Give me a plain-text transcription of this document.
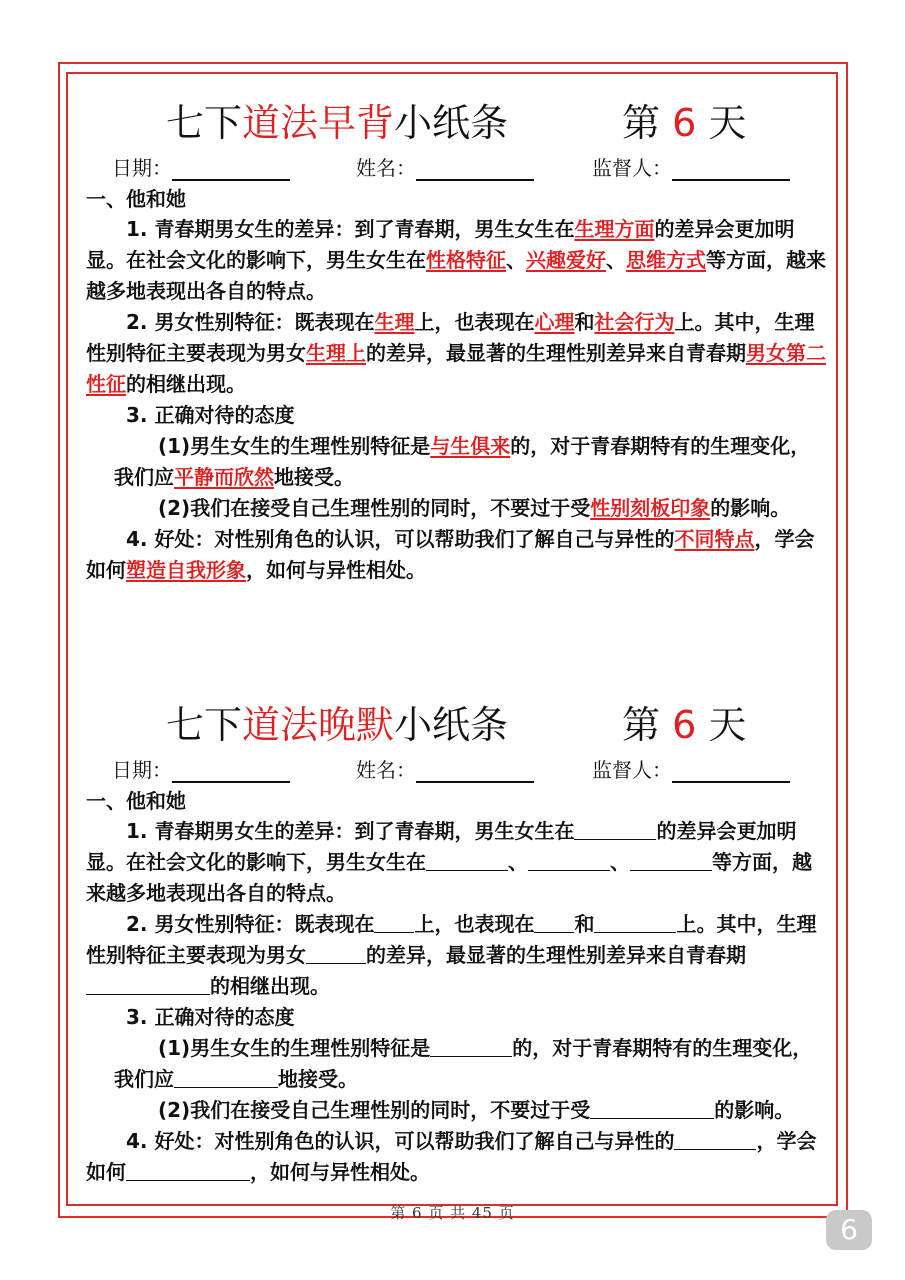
七下道法早背小纸条	第 6 天
日期：	姓名：	监督人：
一、他和她
1. 青春期男女生的差异：到了青春期，男生女生在生理方面的差异会更加明显。在社会文化的影响下，男生女生在性格特征、兴趣爱好、思维方式等方面，越来越多地表现出各自的特点。
2. 男女性别特征：既表现在生理上，也表现在心理和社会行为上。其中，生理性别特征主要表现为男女生理上的差异，最显著的生理性别差异来自青春期男女第二性征的相继出现。
3. 正确对待的态度
(1)男生女生的生理性别特征是与生俱来的，对于青春期特有的生理变化，我们应平静而欣然地接受。
(2)我们在接受自己生理性别的同时，不要过于受性别刻板印象的影响。
4. 好处：对性别角色的认识，可以帮助我们了解自己与异性的不同特点，学会如何塑造自我形象，如何与异性相处。
七下道法晚默小纸条	第 6 天
日期：	姓名：	监督人：
一、他和她
1. 青春期男女生的差异：到了青春期，男生女生在	的差异会更加明显。在社会文化的影响下，男生女生在	、	、	等方面，越来越多地表现出各自的特点。
2. 男女性别特征：既表现在 上，也表现在 和	上。其中，生理性别特征主要表现为男女	的差异，最显著的生理性别差异来自青春期的相继出现。
3. 正确对待的态度
(1)男生女生的生理性别特征是	的，对于青春期特有的生理变化，我们应	地接受。
(2)我们在接受自己生理性别的同时，不要过于受	的影响。
4. 好处：对性别角色的认识，可以帮助我们了解自己与异性的	，学会如何	，如何与异性相处。
第 6 页 共 45 页	6
